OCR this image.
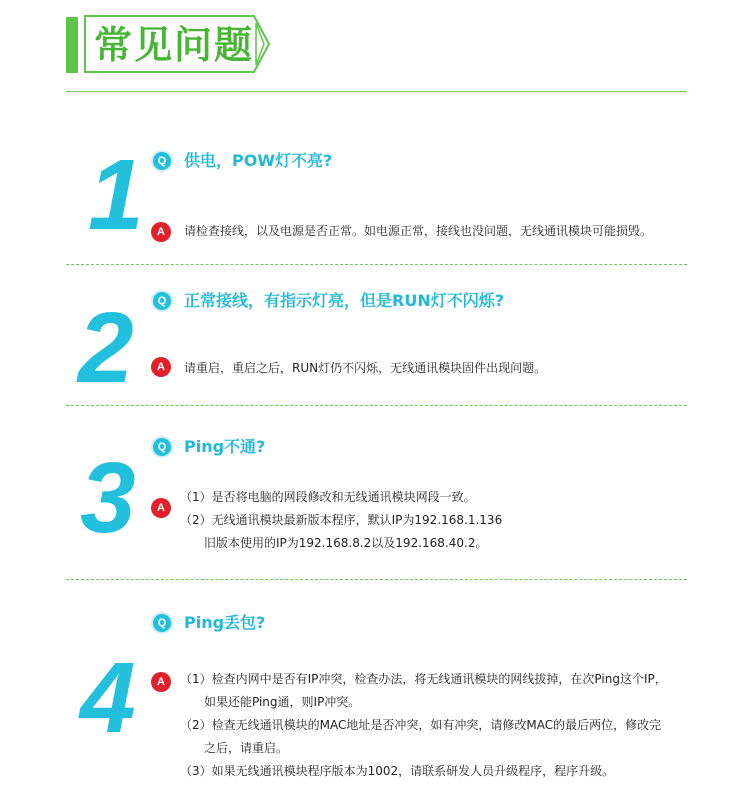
常见问题
1	Q	供电，POW灯不亮?
A	请检查接线，以及电源是否正常。如电源正常，接线也没问题，无线通讯模块可能损毁。
2	Q	正常接线，有指示灯亮，但是RUN灯不闪烁?
A	请重启，重启之后，RUN灯仍不闪烁，无线通讯模块固件出现问题。
3	Q	Ping不通?
A
（1）是否将电脑的网段修改和无线通讯模块网段一致。
（2）无线通讯模块最新版本程序，默认IP为192.168.1.136
旧版本使用的IP为192.168.8.2以及192.168.40.2。
4
Q	Ping丢包?
A	（1）检查内网中是否有IP冲突，检查办法，将无线通讯模块的网线拔掉，在次Ping这个IP，
如果还能Ping通，则IP冲突。
（2）检查无线通讯模块的MAC地址是否冲突，如有冲突，请修改MAC的最后两位，修改完
之后，请重启。
（3）如果无线通讯模块程序版本为1002，请联系研发人员升级程序，程序升级。
